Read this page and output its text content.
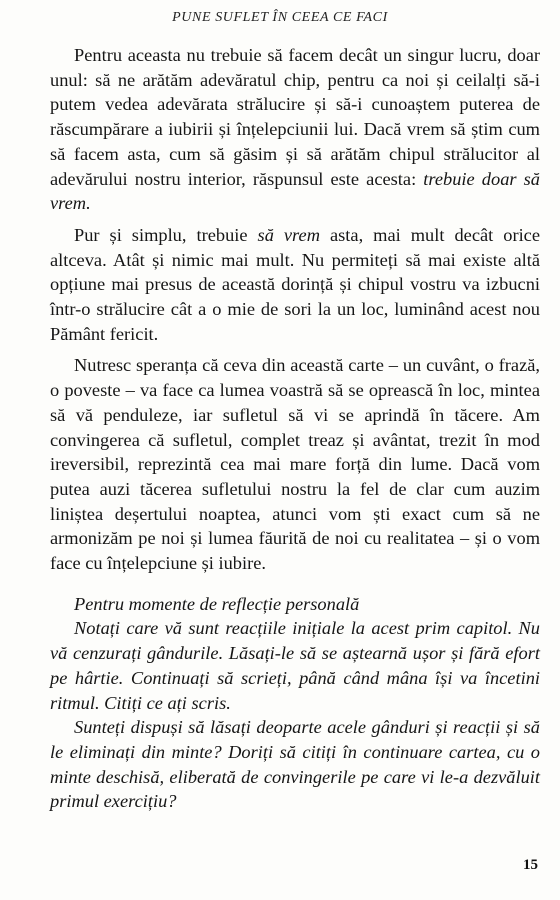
PUNE SUFLET ÎN CEEA CE FACI

Pentru aceasta nu trebuie să facem decât un singur lucru, doar unul: să ne arătăm adevăratul chip, pentru ca noi și ceilalți să-i putem vedea adevărata strălucire și să-i cunoaștem puterea de răscumpărare a iubirii și înțelepciunii lui. Dacă vrem să știm cum să facem asta, cum să găsim și să arătăm chipul strălucitor al adevărului nostru interior, răspunsul este acesta: trebuie doar să vrem.

Pur și simplu, trebuie să vrem asta, mai mult decât orice altceva. Atât și nimic mai mult. Nu permiteți să mai existe altă opțiune mai presus de această dorință și chipul vostru va izbucni într-o strălucire cât a o mie de sori la un loc, luminând acest nou Pământ fericit.

Nutresc speranța că ceva din această carte – un cuvânt, o frază, o poveste – va face ca lumea voastră să se oprească în loc, mintea să vă penduleze, iar sufletul să vi se aprindă în tăcere. Am convingerea că sufletul, complet treaz și avântat, trezit în mod ireversibil, reprezintă cea mai mare forță din lume. Dacă vom putea auzi tăcerea sufletului nostru la fel de clar cum auzim liniștea deșertului noaptea, atunci vom ști exact cum să ne armonizăm pe noi și lumea făurită de noi cu realitatea – și o vom face cu înțelepciune și iubire.

Pentru momente de reflecție personală

Notați care vă sunt reacțiile inițiale la acest prim capitol. Nu vă cenzurați gândurile. Lăsați-le să se aștearnă ușor și fără efort pe hârtie. Continuați să scrieți, până când mâna își va încetini ritmul. Citiți ce ați scris.

Sunteți dispuși să lăsați deoparte acele gânduri și reacții și să le eliminați din minte? Doriți să citiți în continuare cartea, cu o minte deschisă, eliberată de convingerile pe care vi le-a dezvăluit primul exercițiu?

15
